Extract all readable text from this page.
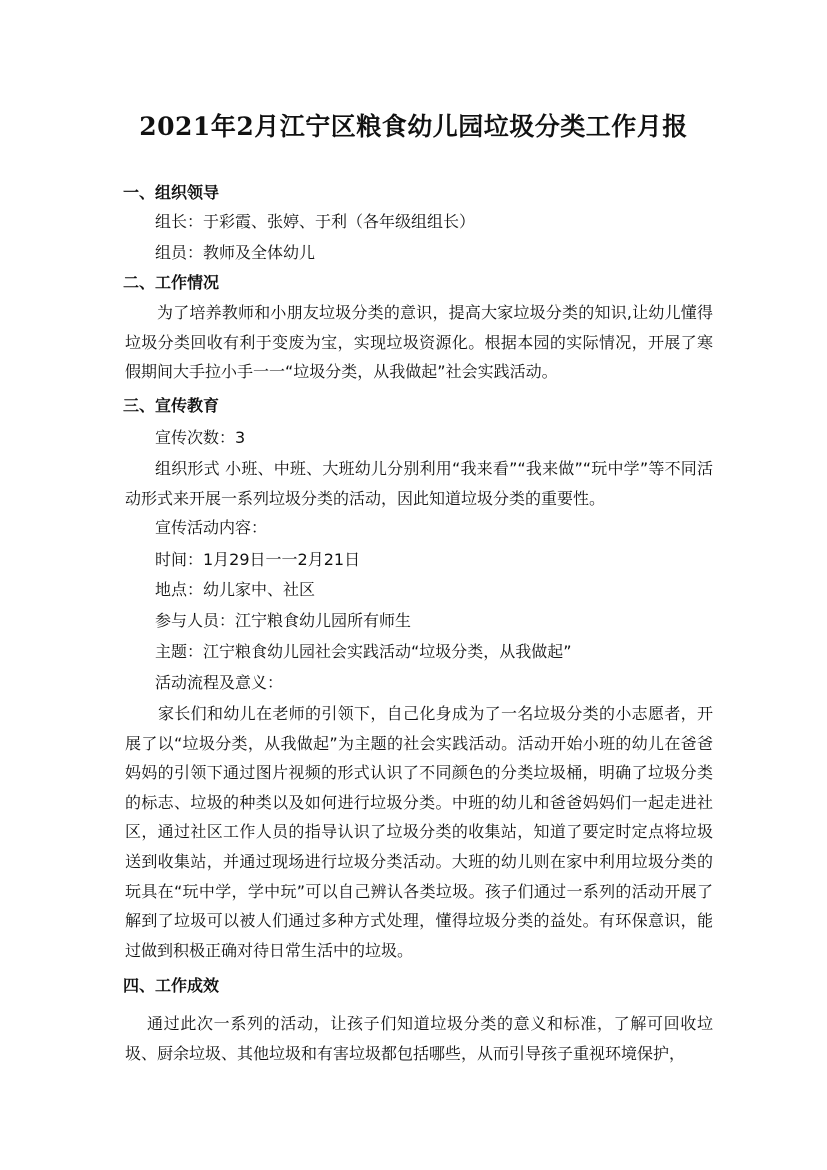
2021年2月江宁区粮食幼儿园垃圾分类工作月报
一、组织领导
组长：于彩霞、张婷、于利（各年级组组长）
组员：教师及全体幼儿
二、工作情况
为了培养教师和小朋友垃圾分类的意识，提高大家垃圾分类的知识,让幼儿懂得垃圾分类回收有利于变废为宝，实现垃圾资源化。根据本园的实际情况，开展了寒假期间大手拉小手一一“垃圾分类，从我做起”社会实践活动。
三、宣传教育
宣传次数：3
组织形式 小班、中班、大班幼儿分别利用“我来看”“我来做”“玩中学”等不同活动形式来开展一系列垃圾分类的活动，因此知道垃圾分类的重要性。
宣传活动内容：
时间：1月29日一一2月21日
地点：幼儿家中、社区
参与人员：江宁粮食幼儿园所有师生
主题：江宁粮食幼儿园社会实践活动“垃圾分类，从我做起”
活动流程及意义：
家长们和幼儿在老师的引领下，自己化身成为了一名垃圾分类的小志愿者，开展了以“垃圾分类，从我做起”为主题的社会实践活动。活动开始小班的幼儿在爸爸妈妈的引领下通过图片视频的形式认识了不同颜色的分类垃圾桶，明确了垃圾分类的标志、垃圾的种类以及如何进行垃圾分类。中班的幼儿和爸爸妈妈们一起走进社区，通过社区工作人员的指导认识了垃圾分类的收集站，知道了要定时定点将垃圾送到收集站，并通过现场进行垃圾分类活动。大班的幼儿则在家中利用垃圾分类的玩具在“玩中学，学中玩”可以自己辨认各类垃圾。孩子们通过一系列的活动开展了解到了垃圾可以被人们通过多种方式处理，懂得垃圾分类的益处。有环保意识，能过做到积极正确对待日常生活中的垃圾。
四、工作成效
通过此次一系列的活动，让孩子们知道垃圾分类的意义和标准，了解可回收垃圾、厨余垃圾、其他垃圾和有害垃圾都包括哪些，从而引导孩子重视环境保护，
